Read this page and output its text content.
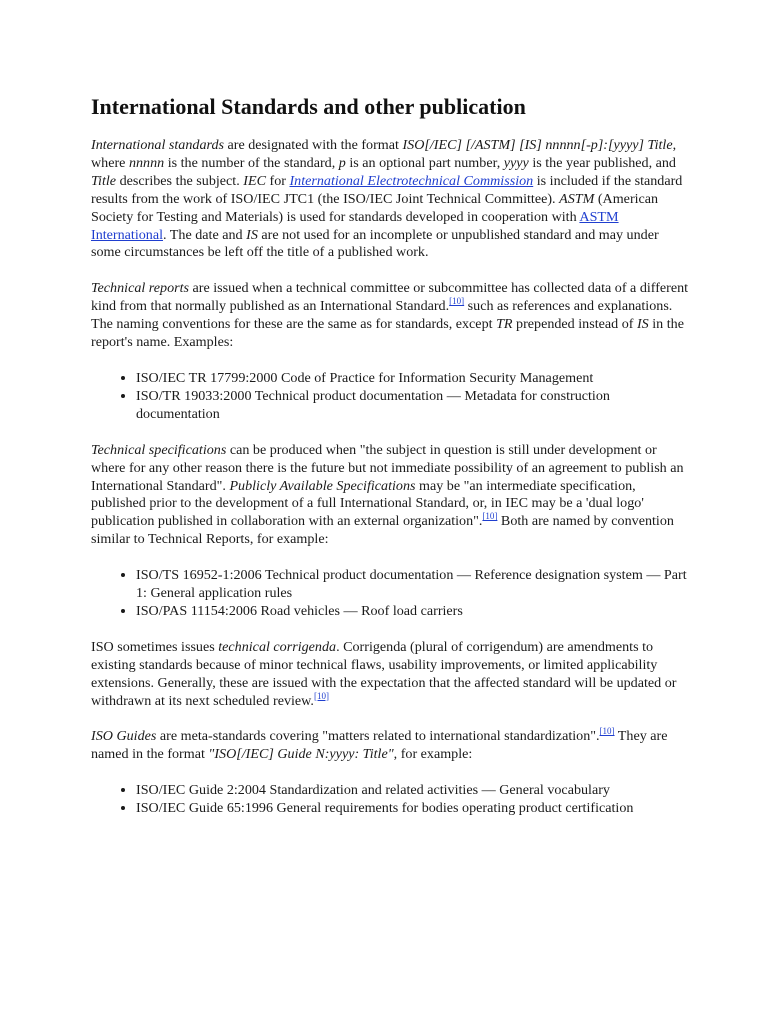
International Standards and other publication

International standards are designated with the format ISO[/IEC] [/ASTM] [IS] nnnnn[-p]:[yyyy] Title, where nnnnn is the number of the standard, p is an optional part number, yyyy is the year published, and Title describes the subject. IEC for International Electrotechnical Commission is included if the standard results from the work of ISO/IEC JTC1 (the ISO/IEC Joint Technical Committee). ASTM (American Society for Testing and Materials) is used for standards developed in cooperation with ASTM International. The date and IS are not used for an incomplete or unpublished standard and may under some circumstances be left off the title of a published work.

Technical reports are issued when a technical committee or subcommittee has collected data of a different kind from that normally published as an International Standard.[10] such as references and explanations. The naming conventions for these are the same as for standards, except TR prepended instead of IS in the report's name. Examples:

• ISO/IEC TR 17799:2000 Code of Practice for Information Security Management
• ISO/TR 19033:2000 Technical product documentation — Metadata for construction documentation

Technical specifications can be produced when "the subject in question is still under development or where for any other reason there is the future but not immediate possibility of an agreement to publish an International Standard". Publicly Available Specifications may be "an intermediate specification, published prior to the development of a full International Standard, or, in IEC may be a 'dual logo' publication published in collaboration with an external organization".[10] Both are named by convention similar to Technical Reports, for example:

• ISO/TS 16952-1:2006 Technical product documentation — Reference designation system — Part 1: General application rules
• ISO/PAS 11154:2006 Road vehicles — Roof load carriers

ISO sometimes issues technical corrigenda. Corrigenda (plural of corrigendum) are amendments to existing standards because of minor technical flaws, usability improvements, or limited applicability extensions. Generally, these are issued with the expectation that the affected standard will be updated or withdrawn at its next scheduled review.[10]

ISO Guides are meta-standards covering "matters related to international standardization".[10] They are named in the format "ISO[/IEC] Guide N:yyyy: Title", for example:

• ISO/IEC Guide 2:2004 Standardization and related activities — General vocabulary
• ISO/IEC Guide 65:1996 General requirements for bodies operating product certification
